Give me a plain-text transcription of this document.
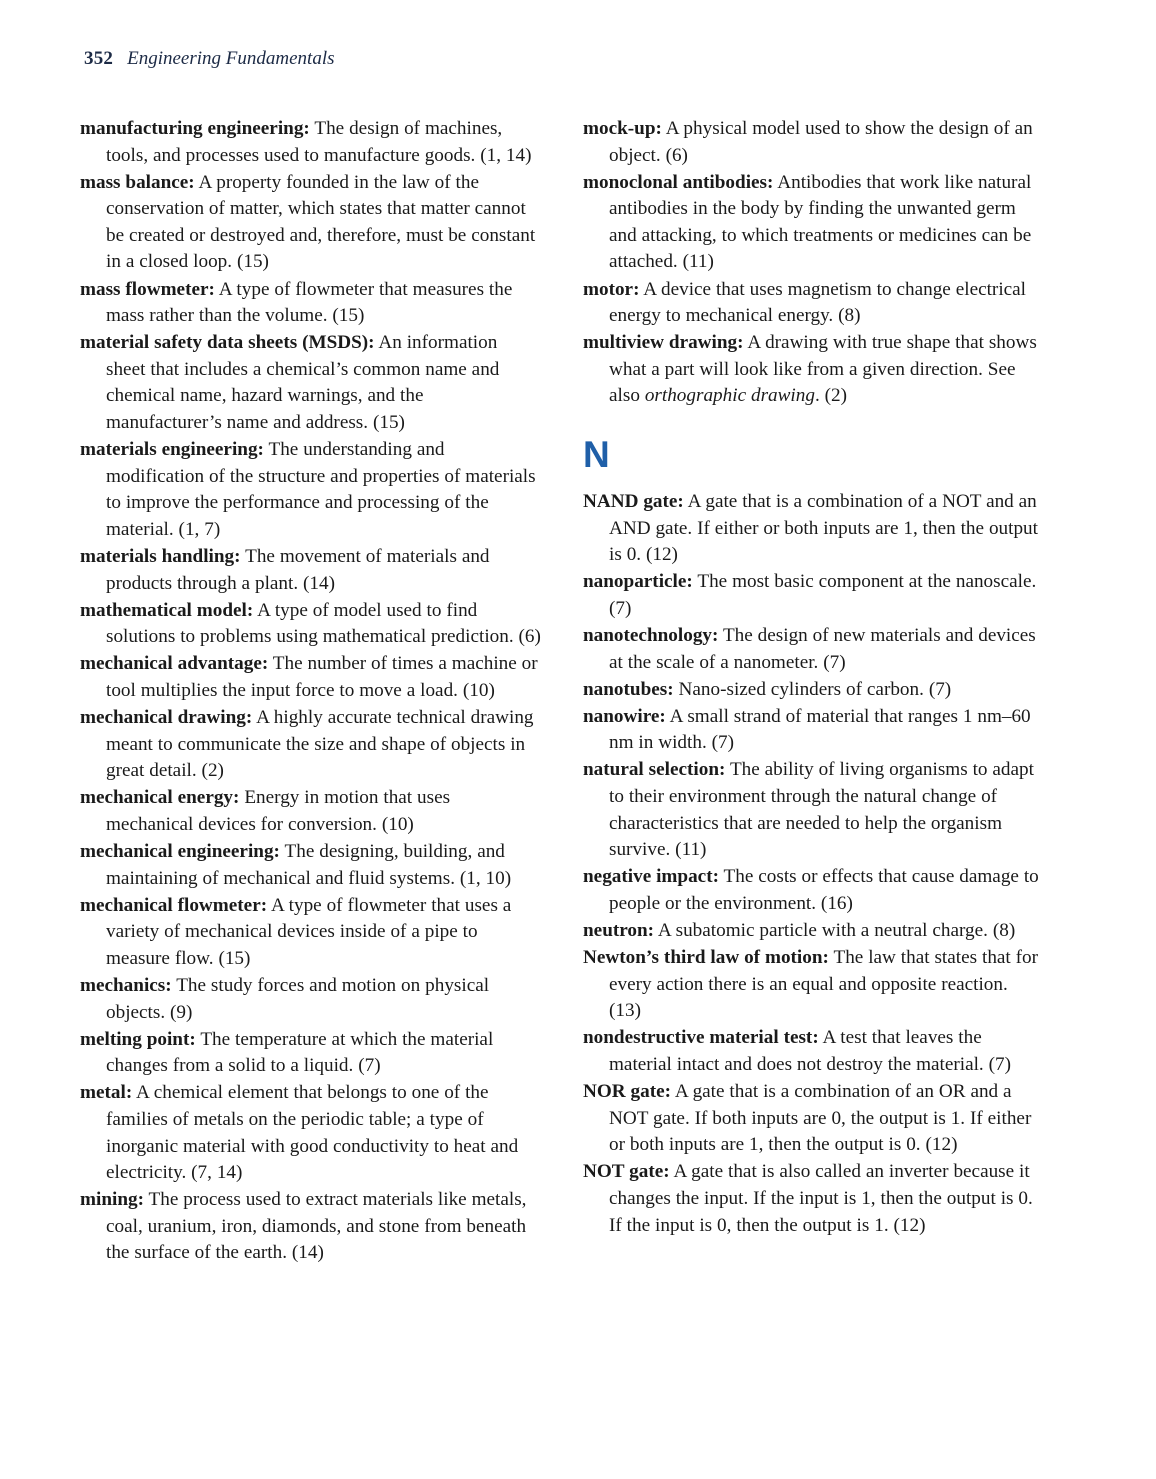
352 Engineering Fundamentals

manufacturing engineering: The design of machines, tools, and processes used to manufacture goods. (1, 14)

mass balance: A property founded in the law of the conservation of matter, which states that matter cannot be created or destroyed and, therefore, must be constant in a closed loop. (15)

mass flowmeter: A type of flowmeter that measures the mass rather than the volume. (15)

material safety data sheets (MSDS): An information sheet that includes a chemical’s common name and chemical name, hazard warnings, and the manufacturer’s name and address. (15)

materials engineering: The understanding and modification of the structure and properties of materials to improve the performance and processing of the material. (1, 7)

materials handling: The movement of materials and products through a plant. (14)

mathematical model: A type of model used to find solutions to problems using mathematical prediction. (6)

mechanical advantage: The number of times a machine or tool multiplies the input force to move a load. (10)

mechanical drawing: A highly accurate technical drawing meant to communicate the size and shape of objects in great detail. (2)

mechanical energy: Energy in motion that uses mechanical devices for conversion. (10)

mechanical engineering: The designing, building, and maintaining of mechanical and fluid systems. (1, 10)

mechanical flowmeter: A type of flowmeter that uses a variety of mechanical devices inside of a pipe to measure flow. (15)

mechanics: The study forces and motion on physical objects. (9)

melting point: The temperature at which the material changes from a solid to a liquid. (7)

metal: A chemical element that belongs to one of the families of metals on the periodic table; a type of inorganic material with good conductivity to heat and electricity. (7, 14)

mining: The process used to extract materials like metals, coal, uranium, iron, diamonds, and stone from beneath the surface of the earth. (14)

mock-up: A physical model used to show the design of an object. (6)

monoclonal antibodies: Antibodies that work like natural antibodies in the body by finding the unwanted germ and attacking, to which treatments or medicines can be attached. (11)

motor: A device that uses magnetism to change electrical energy to mechanical energy. (8)

multiview drawing: A drawing with true shape that shows what a part will look like from a given direction. See also orthographic drawing. (2)

N

NAND gate: A gate that is a combination of a NOT and an AND gate. If either or both inputs are 1, then the output is 0. (12)

nanoparticle: The most basic component at the nanoscale. (7)

nanotechnology: The design of new materials and devices at the scale of a nanometer. (7)

nanotubes: Nano-sized cylinders of carbon. (7)

nanowire: A small strand of material that ranges 1 nm–60 nm in width. (7)

natural selection: The ability of living organisms to adapt to their environment through the natural change of characteristics that are needed to help the organism survive. (11)

negative impact: The costs or effects that cause damage to people or the environment. (16)

neutron: A subatomic particle with a neutral charge. (8)

Newton’s third law of motion: The law that states that for every action there is an equal and opposite reaction. (13)

nondestructive material test: A test that leaves the material intact and does not destroy the material. (7)

NOR gate: A gate that is a combination of an OR and a NOT gate. If both inputs are 0, the output is 1. If either or both inputs are 1, then the output is 0. (12)

NOT gate: A gate that is also called an inverter because it changes the input. If the input is 1, then the output is 0. If the input is 0, then the output is 1. (12)
